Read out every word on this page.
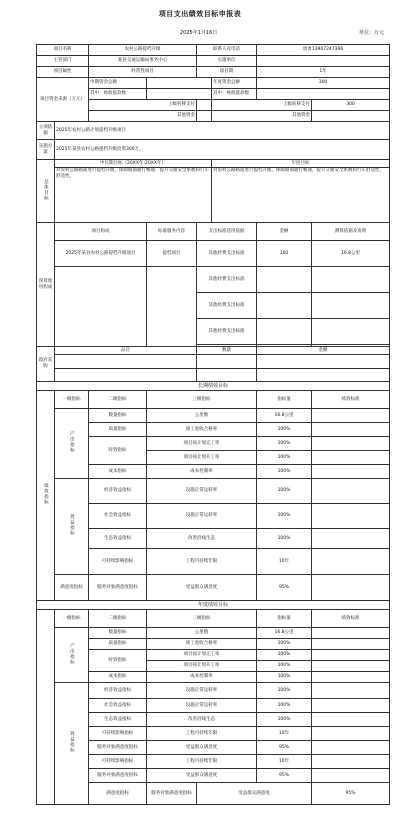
项目支出绩效目标申报表
2025年1月16日	单位：万元
项目名称		农村公路提档升级		联系人及电话		唐勇13907247396		
主管部门		某县交通运输局事务中心		实施单位				
项目属性		经常性项目		项目期		1年		
项目资金来源（万元）		中期资金总额			年度资金总额	300		
		其中：财政拨款数			其中：财政拨款数			
		上级转移支付			上级转移支付		300	
		其他资金			其他资金			
立项依据	2025年农村公路计划提档升级项目							
实施方案	2025年某县农村公路提档升级投资300万。							
总体目标	中长期目标（20XX年-20XX年）				年度目标			
	对农村公路路面进行提档升级，保障路面通行畅通，提升交通安全系数和行车舒适性。				对农村公路路面进行提档升级，保障路面通行畅通，提升交通安全系数和行车舒适性。			
预算使用构成	项目构成		标准服务内容	支出标准适用依据		金额	测算依据及说明	
	2025年某县农村公路提档升级项目		提档项目	其他经费支出标准		300	16.8公里	
				其他经费支出标准				
				其他经费支出标准				
				其他经费支出标准				

政府采购	品目			数量		金额		

长期绩效目标								
绩效指标	一级指标	二级指标	三级指标			指标值	绩效标准	
	产出指标	数量指标	公里数			16.8公里		
		质量指标	竣工验收合格率			100%		
		时效指标	项目按计划完工率			100%		
			项目按计划开工率			100%		
		成本指标	成本控制率			100%		
	效益指标	经济效益指标	设施正常运转率			100%		
		社会效益指标	设施正常运转率			100%		
		生态效益指标	改善沿线生态			100%		
		可持续影响指标	工程可持续年限			10年		
	满意度指标	服务对象满意度指标	受益群众满意度			95%		
年度绩效目标								
	一级指标	二级指标	三级指标			指标值	绩效标准	
	产出指标	数量指标	公里数			16.8公里		
		质量指标	竣工验收合格率			100%		
		时效指标	项目按计划完工率			100%		
			项目按计划开工率			100%		
		成本指标	成本控制率			100%		
	效益指标	经济效益指标	设施正常运转率			100%		
		社会效益指标	设施正常运转率			100%		
		生态效益指标	改善沿线生态			100%		
		可持续影响指标	工程可持续年限			10年		
		服务对象满意度指标	受益群众满意度			95%		
		可持续影响指标	工程可持续年限			10年		
		服务对象满意度指标	受益群众满意度			95%		
		满意度指标	服务对象满意度指标	受益群众满意度			95%	
